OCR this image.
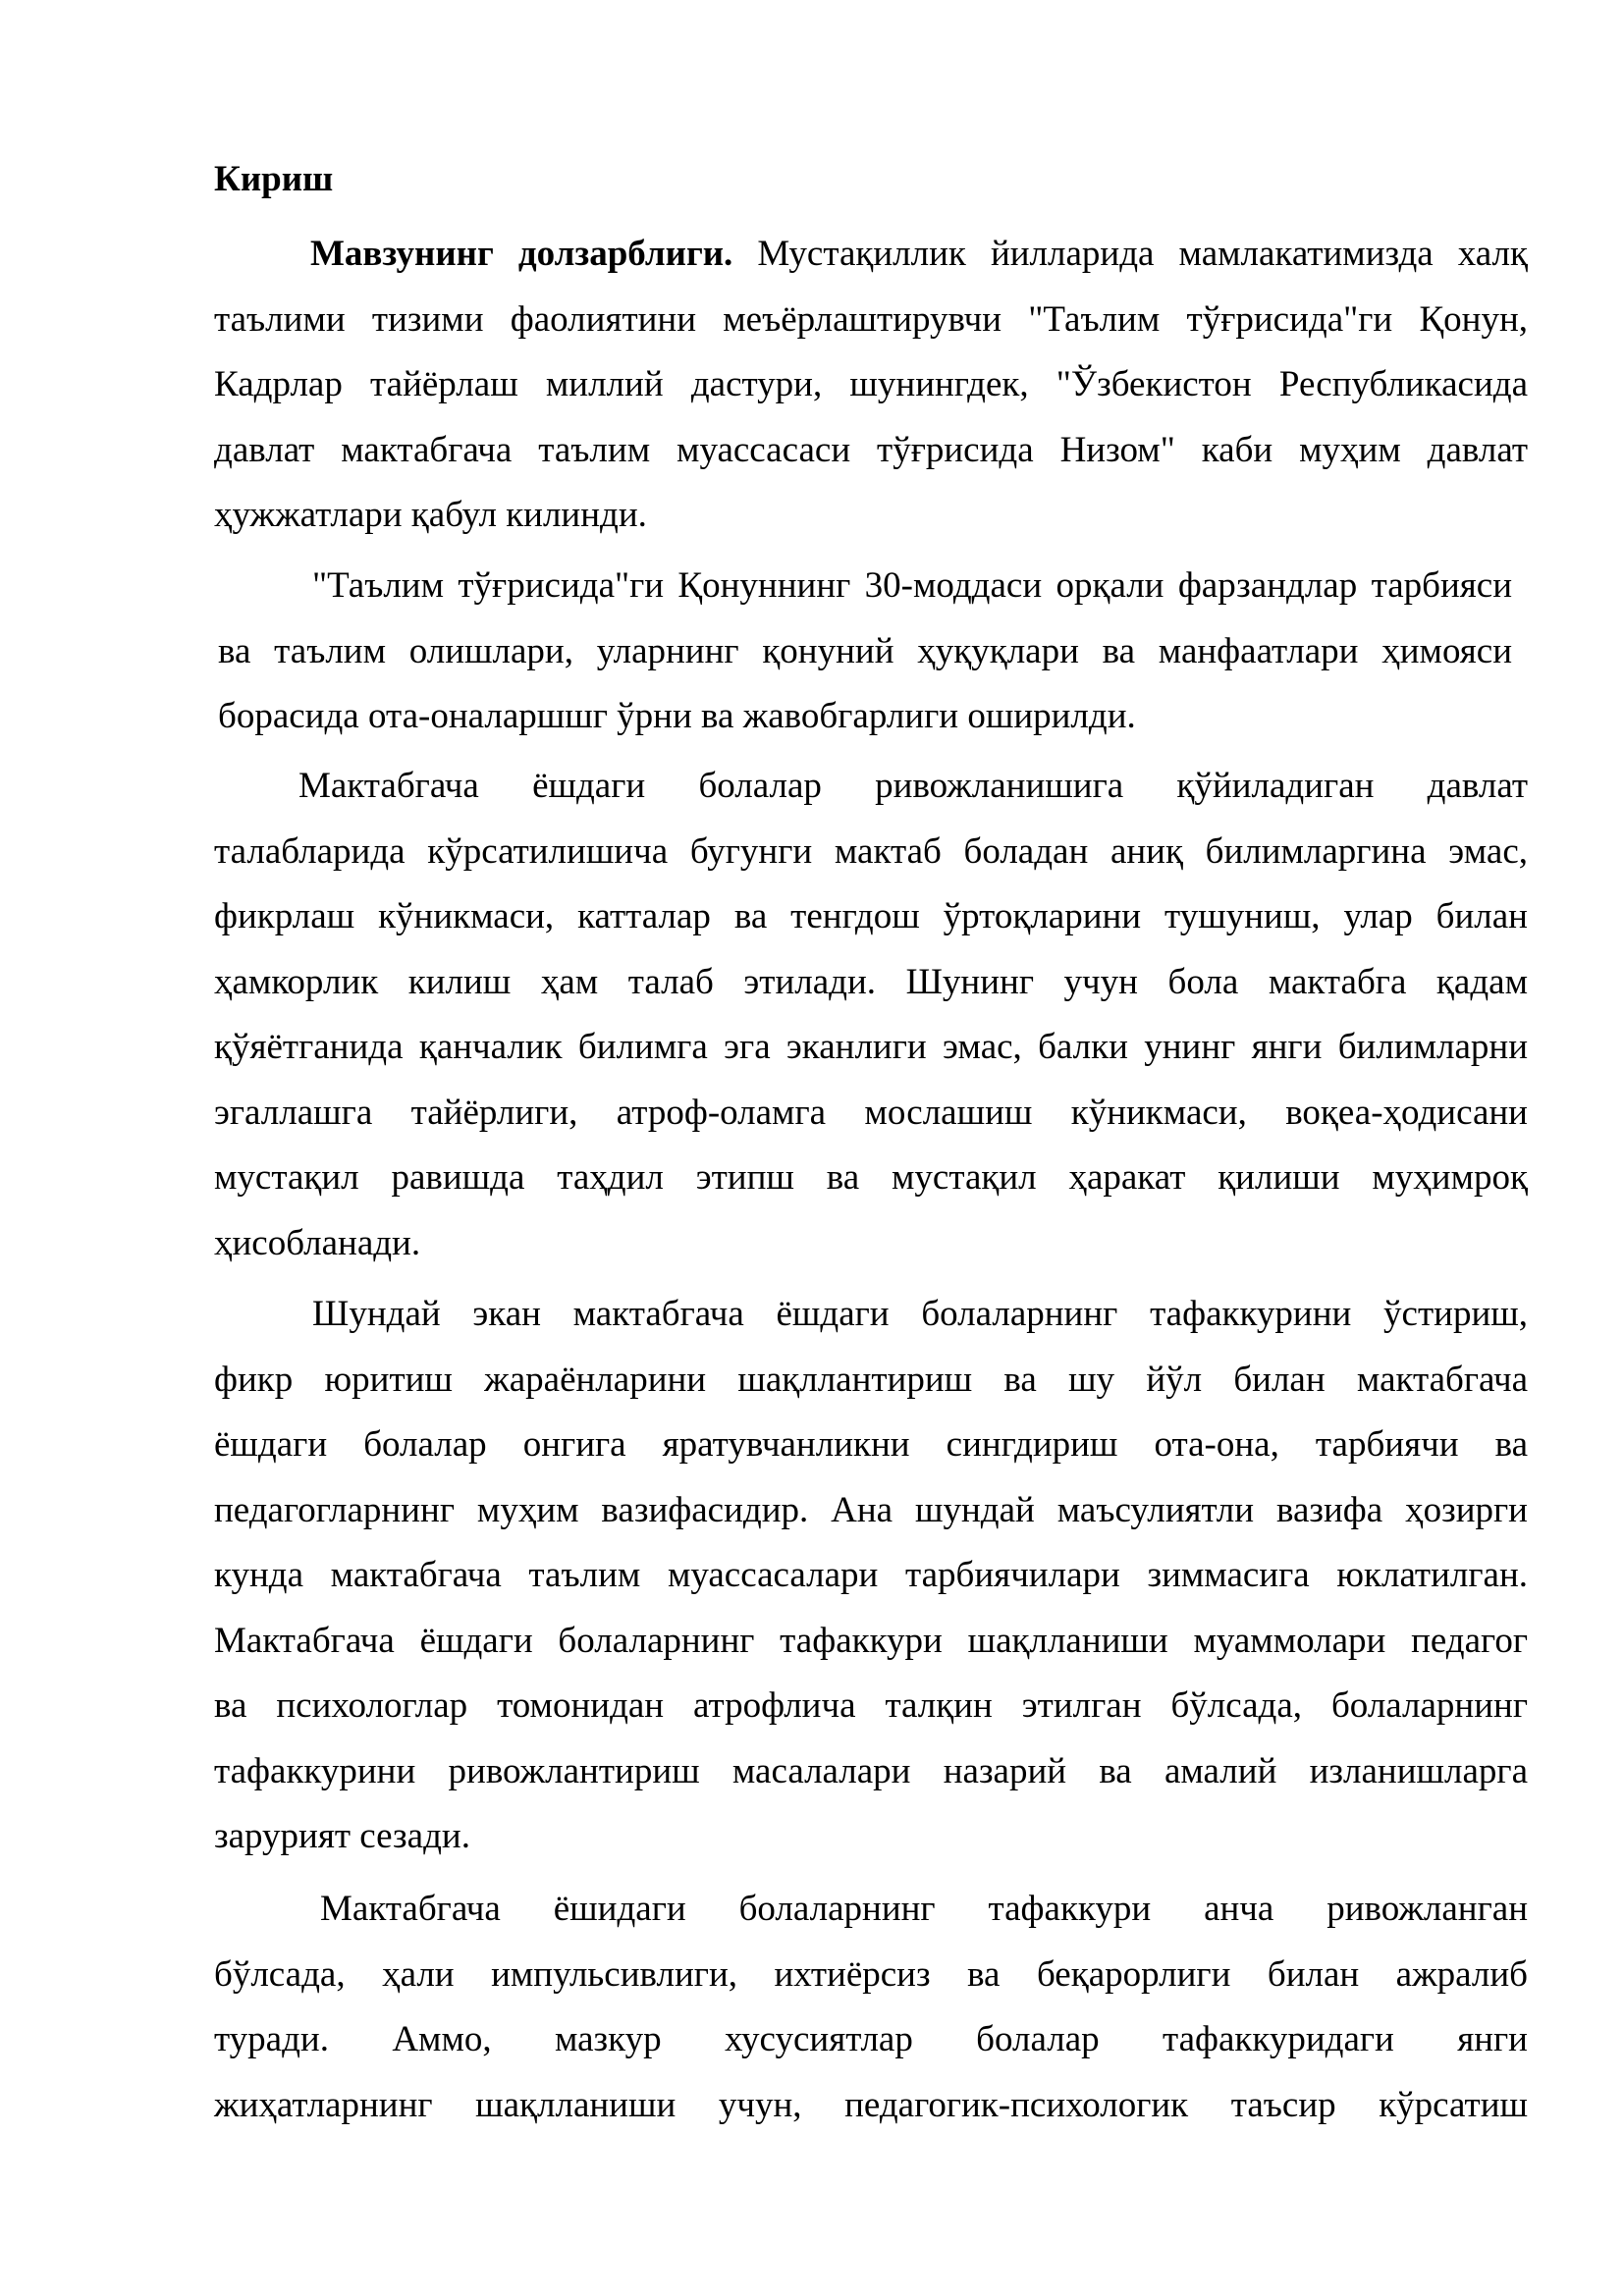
Кириш
Мавзунинг долзарблиги. Мустақиллик йилларида мамлакатимизда халқ
таълими тизими фаолиятини меъёрлаштирувчи "Таълим тўғрисида"ги Қонун,
Кадрлар тайёрлаш миллий дастури, шунингдек, "Ўзбекистон Республикасида
давлат мактабгача таълим муассасаси тўғрисида Низом" каби муҳим давлат
ҳужжатлари қабул килинди.
"Таълим тўғрисида"ги Қонуннинг 30-моддаси орқали фарзандлар тарбияси
ва таълим олишлари, уларнинг қонуний ҳуқуқлари ва манфаатлари ҳимояси
борасида ота-оналаршшг ўрни ва жавобгарлиги оширилди.
Мактабгача ёшдаги болалар ривожланишига қўйиладиган давлат
талабларида кўрсатилишича бугунги мактаб боладан аниқ билимларгина эмас,
фикрлаш кўникмаси, катталар ва тенгдош ўртоқларини тушуниш, улар билан
ҳамкорлик килиш ҳам талаб этилади. Шунинг учун бола мактабга қадам
қўяётганида қанчалик билимга эга эканлиги эмас, балки унинг янги билимларни
эгаллашга тайёрлиги, атроф-оламга мослашиш кўникмаси, воқеа-ҳодисани
мустақил равишда таҳдил этипш ва мустақил ҳаракат қилиши муҳимроқ
ҳисобланади.
Шундай экан мактабгача ёшдаги болаларнинг тафаккурини ўстириш,
фикр юритиш жараёнларини шақллантириш ва шу йўл билан мактабгача
ёшдаги болалар онгига яратувчанликни сингдириш ота-она, тарбиячи ва
педагогларнинг муҳим вазифасидир. Ана шундай маъсулиятли вазифа ҳозирги
кунда мактабгача таълим муассасалари тарбиячилари зиммасига юклатилган.
Мактабгача ёшдаги болаларнинг тафаккури шақлланиши муаммолари педагог
ва психологлар томонидан атрофлича талқин этилган бўлсада, болаларнинг
тафаккурини ривожлантириш масалалари назарий ва амалий изланишларга
зарурият сезади.
Мактабгача ёшидаги болаларнинг тафаккури анча ривожланган
бўлсада, ҳали импульсивлиги, ихтиёрсиз ва беқарорлиги билан ажралиб
туради. Аммо, мазкур хусусиятлар болалар тафаккуридаги янги
жиҳатларнинг шақлланиши учун, педагогик-психологик таъсир кўрсатиш
